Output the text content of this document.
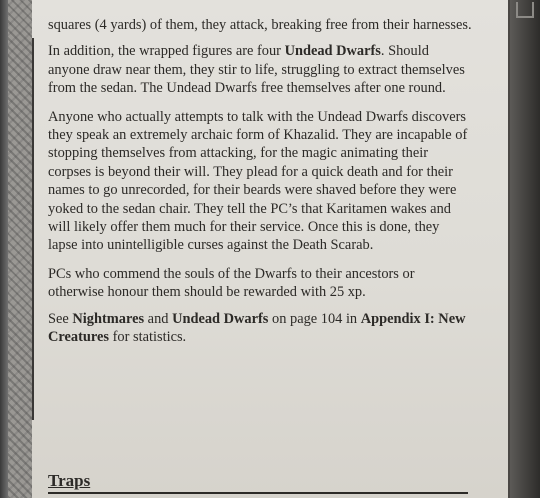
squares (4 yards) of them, they attack, breaking free from their harnesses.

In addition, the wrapped figures are four Undead Dwarfs. Should anyone draw near them, they stir to life, struggling to extract themselves from the sedan. The Undead Dwarfs free themselves after one round.

Anyone who actually attempts to talk with the Undead Dwarfs discovers they speak an extremely archaic form of Khazalid. They are incapable of stopping themselves from attacking, for the magic animating their corpses is beyond their will. They plead for a quick death and for their names to go unrecorded, for their beards were shaved before they were yoked to the sedan chair. They tell the PC’s that Karitamen wakes and will likely offer them much for their service. Once this is done, they lapse into unintelligible curses against the Death Scarab.

PCs who commend the souls of the Dwarfs to their ancestors or otherwise honour them should be rewarded with 25 xp.

See Nightmares and Undead Dwarfs on page 104 in Appendix I: New Creatures for statistics.

Traps
